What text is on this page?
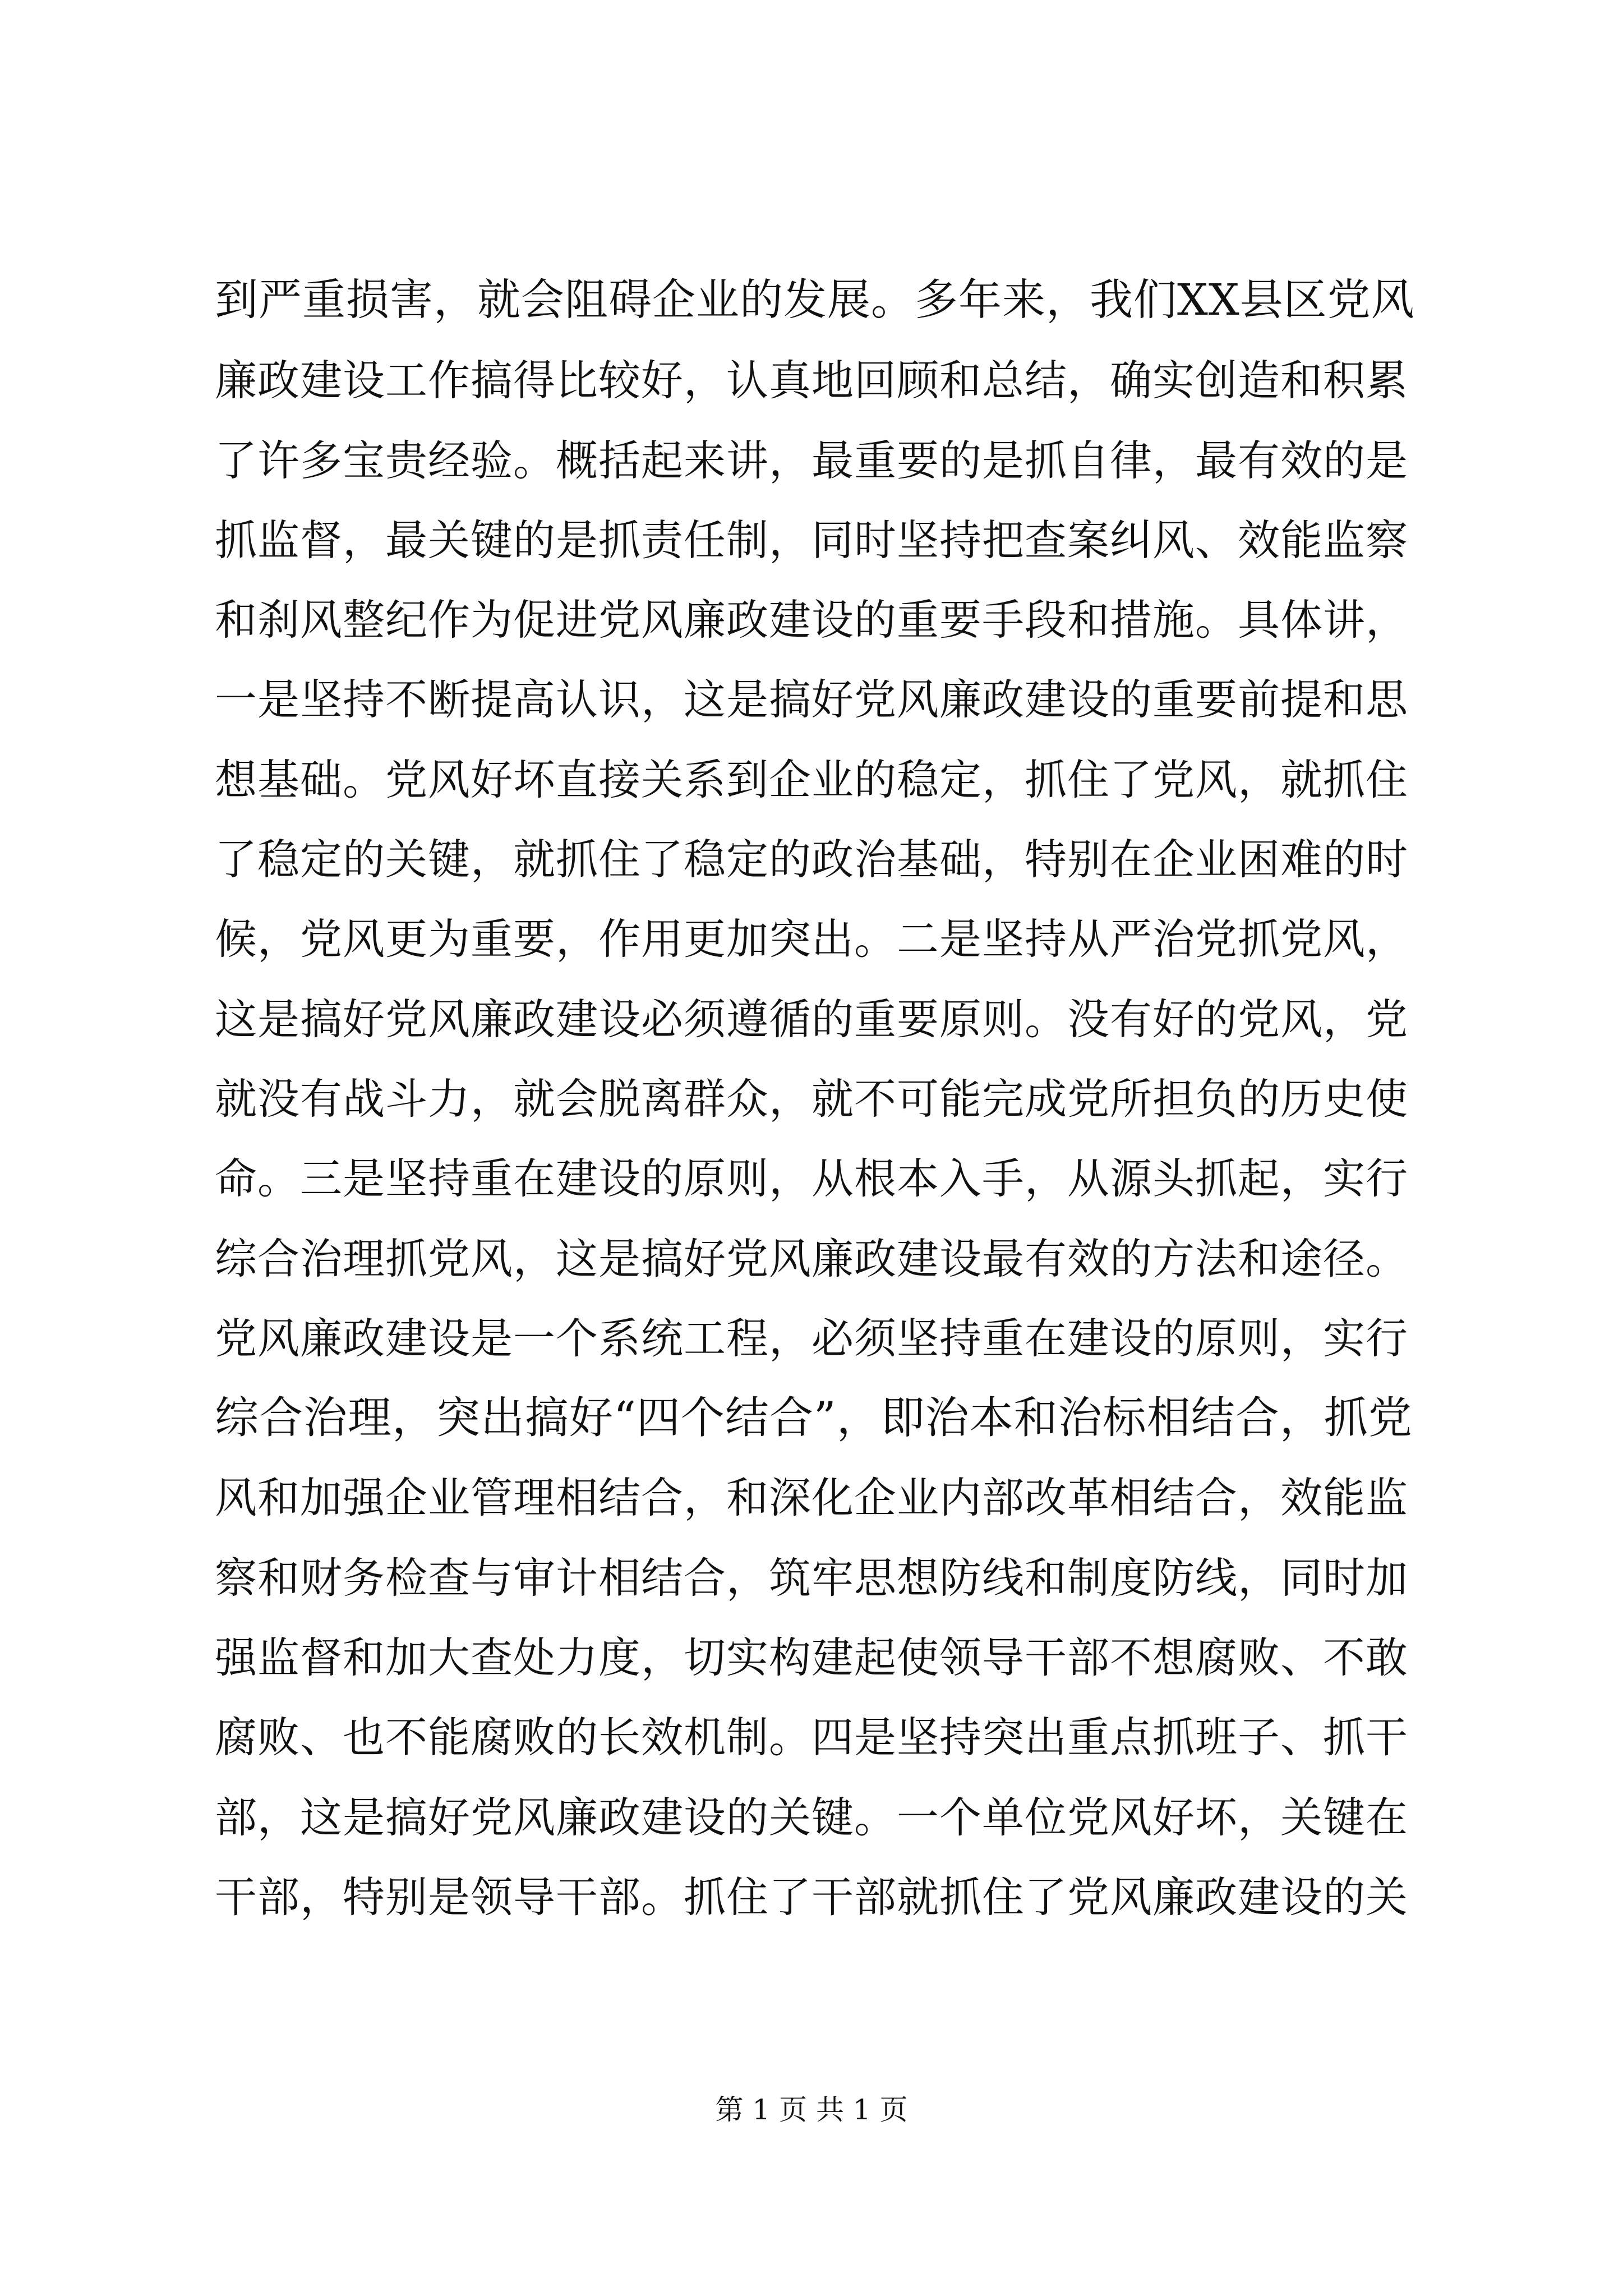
到严重损害，就会阻碍企业的发展。多年来，我们XX县区党风
廉政建设工作搞得比较好，认真地回顾和总结，确实创造和积累
了许多宝贵经验。概括起来讲，最重要的是抓自律，最有效的是
抓监督，最关键的是抓责任制，同时坚持把查案纠风、效能监察
和刹风整纪作为促进党风廉政建设的重要手段和措施。具体讲，
一是坚持不断提高认识，这是搞好党风廉政建设的重要前提和思
想基础。党风好坏直接关系到企业的稳定，抓住了党风，就抓住
了稳定的关键，就抓住了稳定的政治基础，特别在企业困难的时
候，党风更为重要，作用更加突出。二是坚持从严治党抓党风，
这是搞好党风廉政建设必须遵循的重要原则。没有好的党风，党
就没有战斗力，就会脱离群众，就不可能完成党所担负的历史使
命。三是坚持重在建设的原则，从根本入手，从源头抓起，实行
综合治理抓党风，这是搞好党风廉政建设最有效的方法和途径。
党风廉政建设是一个系统工程，必须坚持重在建设的原则，实行
综合治理，突出搞好“四个结合”，即治本和治标相结合，抓党
风和加强企业管理相结合，和深化企业内部改革相结合，效能监
察和财务检查与审计相结合，筑牢思想防线和制度防线，同时加
强监督和加大查处力度，切实构建起使领导干部不想腐败、不敢
腐败、也不能腐败的长效机制。四是坚持突出重点抓班子、抓干
部，这是搞好党风廉政建设的关键。一个单位党风好坏，关键在
干部，特别是领导干部。抓住了干部就抓住了党风廉政建设的关
第 1 页 共 1 页
